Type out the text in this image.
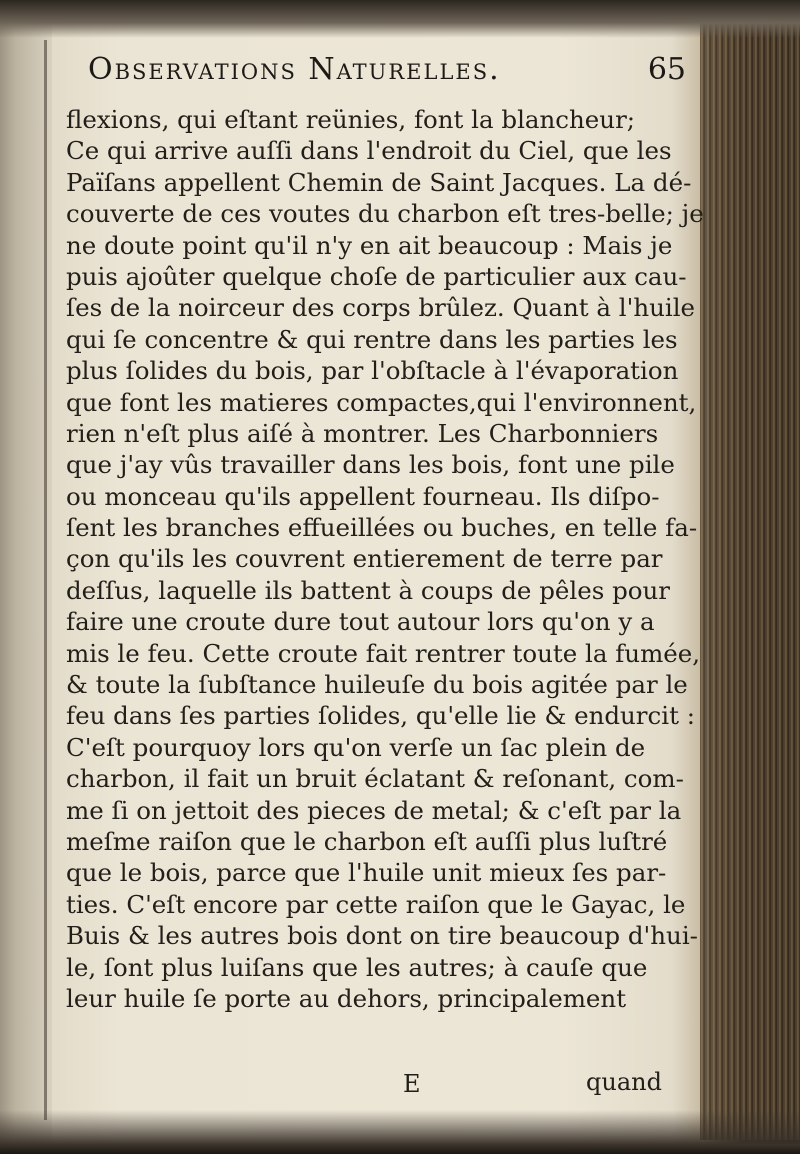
Observations Naturelles.	65
flexions, qui eſtant reünies, font la blancheur;
Ce qui arrive auſſi dans l'endroit du Ciel, que les
Païſans appellent Chemin de Saint Jacques. La dé-
couverte de ces voutes du charbon eſt tres-belle; je
ne doute point qu'il n'y en ait beaucoup : Mais je
puis ajoûter quelque choſe de particulier aux cau-
ſes de la noirceur des corps brûlez. Quant à l'huile
qui ſe concentre & qui rentre dans les parties les
plus ſolides du bois, par l'obſtacle à l'évaporation
que font les matieres compactes,qui l'environnent,
rien n'eſt plus aiſé à montrer. Les Charbonniers
que j'ay vûs travailler dans les bois, font une pile
ou monceau qu'ils appellent fourneau. Ils diſpo-
ſent les branches effueillées ou buches, en telle fa-
çon qu'ils les couvrent entierement de terre par
deſſus, laquelle ils battent à coups de pêles pour
faire une croute dure tout autour lors qu'on y a
mis le feu. Cette croute fait rentrer toute la fumée,
& toute la ſubſtance huileuſe du bois agitée par le
feu dans ſes parties ſolides, qu'elle lie & endurcit :
C'eſt pourquoy lors qu'on verſe un ſac plein de
charbon, il fait un bruit éclatant & reſonant, com-
me ſi on jettoit des pieces de metal; & c'eſt par la
meſme raiſon que le charbon eſt auſſi plus luſtré
que le bois, parce que l'huile unit mieux ſes par-
ties. C'eſt encore par cette raiſon que le Gayac, le
Buis & les autres bois dont on tire beaucoup d'hui-
le, ſont plus luiſans que les autres; à cauſe que
leur huile ſe porte au dehors, principalement
E	quand
